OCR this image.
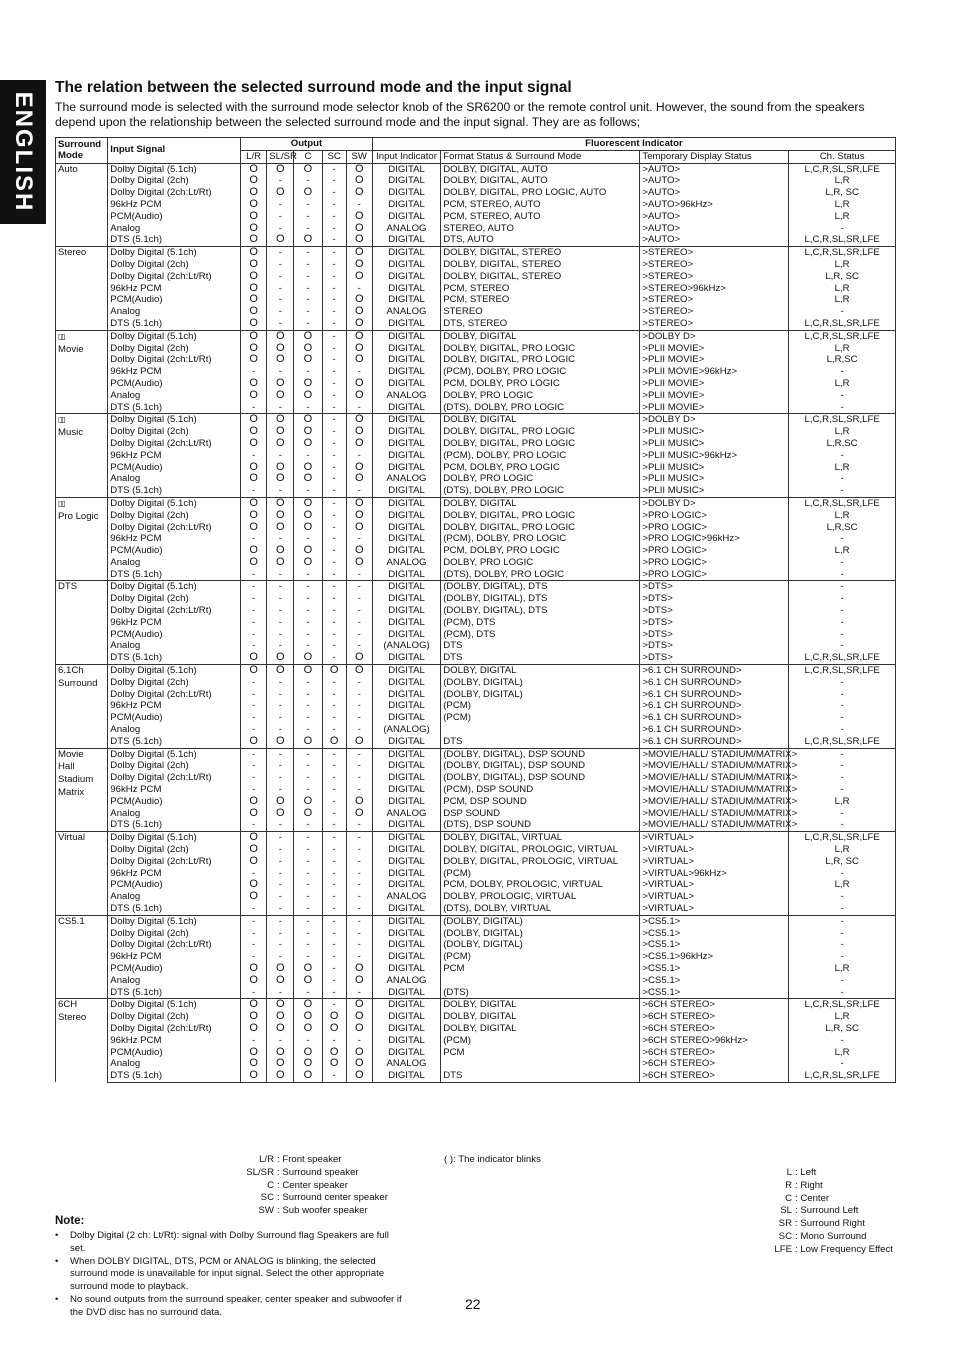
ENGLISH
The relation between the selected surround mode and the input signal

The surround mode is selected with the surround mode selector knob of the SR6200 or the remote control unit. However, the sound from the speakers depend upon the relationship between the selected surround mode and the input signal. They are as follows;

Surround Mode	Input Signal	Output					Fluorescent Indicator			
		L/R	SL/SR	C	SC	SW	Input Indicator	Format Status & Surround Mode	Temporary Display Status	Ch. Status

Auto	Dolby Digital (5.1ch)	O	O	O	-	O	DIGITAL	DOLBY, DIGITAL, AUTO	>AUTO>	L,C,R,SL,SR,LFE
	Dolby Digital (2ch)	O	-	-	-	O	DIGITAL	DOLBY, DIGITAL, AUTO	>AUTO>	L,R
	Dolby Digital (2ch:Lt/Rt)	O	O	O	-	O	DIGITAL	DOLBY, DIGITAL, PRO LOGIC, AUTO	>AUTO>	L,R, SC
	96kHz PCM	O	-	-	-	-	DIGITAL	PCM, STEREO, AUTO	>AUTO>96kHz>	L,R
	PCM(Audio)	O	-	-	-	O	DIGITAL	PCM, STEREO, AUTO	>AUTO>	L,R
	Analog	O	-	-	-	O	ANALOG	STEREO, AUTO	>AUTO>	-
	DTS (5.1ch)	O	O	O	-	O	DIGITAL	DTS, AUTO	>AUTO>	L,C,R,SL,SR,LFE

Stereo	Dolby Digital (5.1ch)	O	-	-	-	O	DIGITAL	DOLBY, DIGITAL, STEREO	>STEREO>	L,C,R,SL,SR,LFE
	Dolby Digital (2ch)	O	-	-	-	O	DIGITAL	DOLBY, DIGITAL, STEREO	>STEREO>	L,R
	Dolby Digital (2ch:Lt/Rt)	O	-	-	-	O	DIGITAL	DOLBY, DIGITAL, STEREO	>STEREO>	L,R, SC
	96kHz PCM	O	-	-	-	-	DIGITAL	PCM, STEREO	>STEREO>96kHz>	L,R
	PCM(Audio)	O	-	-	-	O	DIGITAL	PCM, STEREO	>STEREO>	L,R
	Analog	O	-	-	-	O	ANALOG	STEREO	>STEREO>	-
	DTS (5.1ch)	O	-	-	-	O	DIGITAL	DTS, STEREO	>STEREO>	L,C,R,SL,SR,LFE
▯▯
Movie	Dolby Digital (5.1ch)	O	O	O	-	O	DIGITAL	DOLBY, DIGITAL	>DOLBY D>	L,C,R,SL,SR,LFE
	Dolby Digital (2ch)	O	O	O	-	O	DIGITAL	DOLBY, DIGITAL, PRO LOGIC	>PLII MOVIE>	L,R
	Dolby Digital (2ch:Lt/Rt)	O	O	O	-	O	DIGITAL	DOLBY, DIGITAL, PRO LOGIC	>PLII MOVIE>	L,R,SC
	96kHz PCM	-	-	-	-	-	DIGITAL	(PCM), DOLBY, PRO LOGIC	>PLII MOVIE>96kHz>	-
	PCM(Audio)	O	O	O	-	O	DIGITAL	PCM, DOLBY, PRO LOGIC	>PLII MOVIE>	L,R
	Analog	O	O	O	-	O	ANALOG	DOLBY, PRO LOGIC	>PLII MOVIE>	-
	DTS (5.1ch)	-	-	-	-	-	DIGITAL	(DTS), DOLBY, PRO LOGIC	>PLII MOVIE>	-
▯▯
Music	Dolby Digital (5.1ch)	O	O	O	-	O	DIGITAL	DOLBY, DIGITAL	>DOLBY D>	L,C,R,SL,SR,LFE
	Dolby Digital (2ch)	O	O	O	-	O	DIGITAL	DOLBY, DIGITAL, PRO LOGIC	>PLII MUSIC>	L,R
	Dolby Digital (2ch:Lt/Rt)	O	O	O	-	O	DIGITAL	DOLBY, DIGITAL, PRO LOGIC	>PLII MUSIC>	L,R,SC
	96kHz PCM	-	-	-	-	-	DIGITAL	(PCM), DOLBY, PRO LOGIC	>PLII MUSIC>96kHz>	-
	PCM(Audio)	O	O	O	-	O	DIGITAL	PCM, DOLBY, PRO LOGIC	>PLII MUSIC>	L,R
	Analog	O	O	O	-	O	ANALOG	DOLBY, PRO LOGIC	>PLII MUSIC>	-
	DTS (5.1ch)	-	-	-	-	-	DIGITAL	(DTS), DOLBY, PRO LOGIC	>PLII MUSIC>	-
▯▯
Pro Logic	Dolby Digital (5.1ch)	O	O	O	-	O	DIGITAL	DOLBY, DIGITAL	>DOLBY D>	L,C,R,SL,SR,LFE
	Dolby Digital (2ch)	O	O	O	-	O	DIGITAL	DOLBY, DIGITAL, PRO LOGIC	>PRO LOGIC>	L,R
	Dolby Digital (2ch:Lt/Rt)	O	O	O	-	O	DIGITAL	DOLBY, DIGITAL, PRO LOGIC	>PRO LOGIC>	L,R,SC
	96kHz PCM	-	-	-	-	-	DIGITAL	(PCM), DOLBY, PRO LOGIC	>PRO LOGIC>96kHz>	-
	PCM(Audio)	O	O	O	-	O	DIGITAL	PCM, DOLBY, PRO LOGIC	>PRO LOGIC>	L,R
	Analog	O	O	O	-	O	ANALOG	DOLBY, PRO LOGIC	>PRO LOGIC>	-
	DTS (5.1ch)	-	-	-	-	-	DIGITAL	(DTS), DOLBY, PRO LOGIC	>PRO LOGIC>	-

DTS	Dolby Digital (5.1ch)	-	-	-	-	-	DIGITAL	(DOLBY, DIGITAL), DTS	>DTS>	-
	Dolby Digital (2ch)	-	-	-	-	-	DIGITAL	(DOLBY, DIGITAL), DTS	>DTS>	-
	Dolby Digital (2ch:Lt/Rt)	-	-	-	-	-	DIGITAL	(DOLBY, DIGITAL), DTS	>DTS>	-
	96kHz PCM	-	-	-	-	-	DIGITAL	(PCM), DTS	>DTS>	-
	PCM(Audio)	-	-	-	-	-	DIGITAL	(PCM), DTS	>DTS>	-
	Analog	-	-	-	-	-	(ANALOG)	DTS	>DTS>	-
	DTS (5.1ch)	O	O	O	-	O	DIGITAL	DTS	>DTS>	L,C,R,SL,SR,LFE

6.1Ch
Surround	Dolby Digital (5.1ch)	O	O	O	O	O	DIGITAL	DOLBY, DIGITAL	>6.1 CH SURROUND>	L,C,R,SL,SR,LFE
	Dolby Digital (2ch)	-	-	-	-	-	DIGITAL	(DOLBY, DIGITAL)	>6.1 CH SURROUND>	-
	Dolby Digital (2ch:Lt/Rt)	-	-	-	-	-	DIGITAL	(DOLBY, DIGITAL)	>6.1 CH SURROUND>	-
	96kHz PCM	-	-	-	-	-	DIGITAL	(PCM)	>6.1 CH SURROUND>	-
	PCM(Audio)	-	-	-	-	-	DIGITAL	(PCM)	>6.1 CH SURROUND>	-
	Analog	-	-	-	-	-	(ANALOG)		>6.1 CH SURROUND>	-
	DTS (5.1ch)	O	O	O	O	O	DIGITAL	DTS	>6.1 CH SURROUND>	L,C,R,SL,SR,LFE

Movie
Hall
Stadium
Matrix	Dolby Digital (5.1ch)	-	-	-	-	-	DIGITAL	(DOLBY, DIGITAL), DSP SOUND	>MOVIE/HALL/ STADIUM/MATRIX>	-
	Dolby Digital (2ch)	-	-	-	-	-	DIGITAL	(DOLBY, DIGITAL), DSP SOUND	>MOVIE/HALL/ STADIUM/MATRIX>	-
	Dolby Digital (2ch:Lt/Rt)	-	-	-	-	-	DIGITAL	(DOLBY, DIGITAL), DSP SOUND	>MOVIE/HALL/ STADIUM/MATRIX>	-
	96kHz PCM	-	-	-	-	-	DIGITAL	(PCM), DSP SOUND	>MOVIE/HALL/ STADIUM/MATRIX>	-
	PCM(Audio)	O	O	O	-	O	DIGITAL	PCM, DSP SOUND	>MOVIE/HALL/ STADIUM/MATRIX>	L,R
	Analog	O	O	O	-	O	ANALOG	DSP SOUND	>MOVIE/HALL/ STADIUM/MATRIX>	-
	DTS (5.1ch)	-	-	-	-	-	DIGITAL	(DTS), DSP SOUND	>MOVIE/HALL/ STADIUM/MATRIX>	-

Virtual	Dolby Digital (5.1ch)	O	-	-	-	-	DIGITAL	DOLBY, DIGITAL, VIRTUAL	>VIRTUAL>	L,C,R,SL,SR,LFE
	Dolby Digital (2ch)	O	-	-	-	-	DIGITAL	DOLBY, DIGITAL, PROLOGIC, VIRTUAL	>VIRTUAL>	L,R
	Dolby Digital (2ch:Lt/Rt)	O	-	-	-	-	DIGITAL	DOLBY, DIGITAL, PROLOGIC, VIRTUAL	>VIRTUAL>	L,R, SC
	96kHz PCM	-	-	-	-	-	DIGITAL	(PCM)	>VIRTUAL>96kHz>	-
	PCM(Audio)	O	-	-	-	-	DIGITAL	PCM, DOLBY, PROLOGIC, VIRTUAL	>VIRTUAL>	L,R
	Analog	O	-	-	-	-	ANALOG	DOLBY, PROLOGIC, VIRTUAL	>VIRTUAL>	-
	DTS (5.1ch)	-	-	-	-	-	DIGITAL	(DTS), DOLBY, VIRTUAL	>VIRTUAL>	-

CS5.1	Dolby Digital (5.1ch)	-	-	-	-	-	DIGITAL	(DOLBY, DIGITAL)	>CS5.1>	-
	Dolby Digital (2ch)	-	-	-	-	-	DIGITAL	(DOLBY, DIGITAL)	>CS5.1>	-
	Dolby Digital (2ch:Lt/Rt)	-	-	-	-	-	DIGITAL	(DOLBY, DIGITAL)	>CS5.1>	-
	96kHz PCM	-	-	-	-	-	DIGITAL	(PCM)	>CS5.1>96kHz>	-
	PCM(Audio)	O	O	O	-	O	DIGITAL	PCM	>CS5.1>	L,R
	Analog	O	O	O	-	O	ANALOG		>CS5.1>	-
	DTS (5.1ch)	-	-	-	-	-	DIGITAL	(DTS)	>CS5.1>	-

6CH
Stereo	Dolby Digital (5.1ch)	O	O	O	-	O	DIGITAL	DOLBY, DIGITAL	>6CH STEREO>	L,C,R,SL,SR,LFE
	Dolby Digital (2ch)	O	O	O	O	O	DIGITAL	DOLBY, DIGITAL	>6CH STEREO>	L,R
	Dolby Digital (2ch:Lt/Rt)	O	O	O	O	O	DIGITAL	DOLBY, DIGITAL	>6CH STEREO>	L,R, SC
	96kHz PCM	-	-	-	-	-	DIGITAL	(PCM)	>6CH STEREO>96kHz>	-
	PCM(Audio)	O	O	O	O	O	DIGITAL	PCM	>6CH STEREO>	L,R
	Analog	O	O	O	O	O	ANALOG		>6CH STEREO>	-
	DTS (5.1ch)	O	O	O	-	O	DIGITAL	DTS	>6CH STEREO>	L,C,R,SL,SR,LFE
L/R : Front speaker
SL/SR : Surround speaker
C : Center speaker
SC : Surround center speaker
SW : Sub woofer speaker
( ): The indicator blinks
L : Left
R : Right
C : Center
SL : Surround Left
SR : Surround Right
SC : Mono Surround
LFE : Low Frequency Effect
Note:
• Dolby Digital (2 ch: Lt/Rt): signal with Dolby Surround flag Speakers are full set.
• When DOLBY DIGITAL, DTS, PCM or ANALOG is blinking, the selected surround mode is unavailable for input signal. Select the other appropriate surround mode to playback.
• No sound outputs from the surround speaker, center speaker and subwoofer if the DVD disc has no surround data.
22
